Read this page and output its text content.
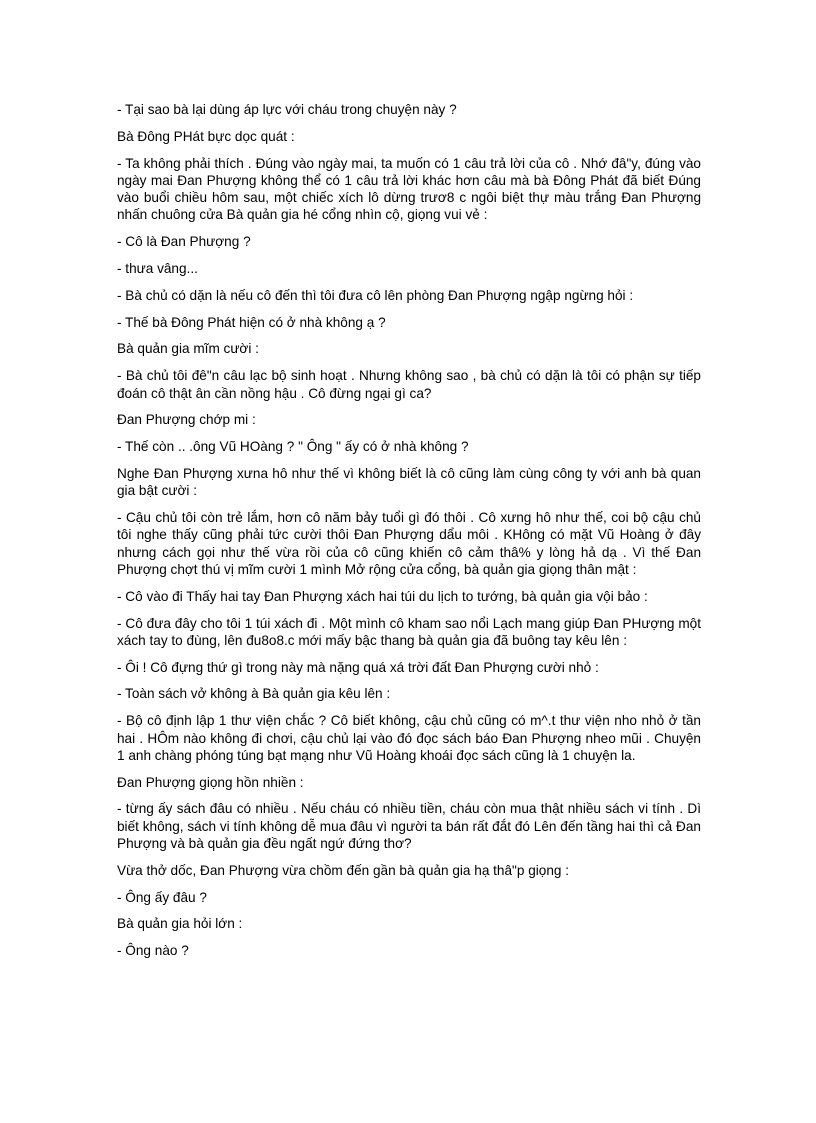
- Tại sao bà lại dùng áp lực với cháu trong chuyện này ?

Bà Đông PHát bực dọc quát :

- Ta không phải thích . Đúng vào ngày mai, ta muốn có 1 câu trả lời của cô . Nhớ đâ"y, đúng vào ngày mai Đan Phượng không thể có 1 câu trả lời khác hơn câu mà bà Đông Phát đã biết Đúng vào buổi chiều hôm sau, một chiếc xích lô dừng trươ8 c ngôi biệt thự màu trắng Đan Phượng nhấn chuông cửa Bà quản gia hé cổng nhìn cộ, giọng vui vẻ :

- Cô là Đan Phượng ?

- thưa vâng...

- Bà chủ có dặn là nếu cô đến thì tôi đưa cô lên phòng Đan Phượng ngập ngừng hỏi :

- Thế bà Đông Phát hiện có ở nhà không ạ ?

Bà quản gia mĩm cười :

- Bà chủ tôi đê"n câu lạc bộ sinh hoạt . Nhưng không sao , bà chủ có dặn là tôi có phận sự tiếp đoán cô thật ân cần nồng hậu . Cô đừng ngại gì ca?

Đan Phượng chớp mi :

- Thế còn .. .ông Vũ HOàng ? " Ông " ấy có ở nhà không ?

Nghe Đan Phượng xưna hô như thế vì không biết là cô cũng làm cùng công ty với anh bà quan gia bật cười :

- Cậu chủ tôi còn trẻ lắm, hơn cô năm bảy tuổi gì đó thôi . Cô xưng hô như thế, coi bộ cậu chủ tôi nghe thấy cũng phải tức cười thôi Đan Phượng dẩu môi . KHông có mặt Vũ Hoàng ở đây nhưng cách gọi như thế vừa rồi của cô cũng khiến cô cảm thâ% y lòng hả dạ . Vì thế Đan Phượng chợt thú vị mĩm cười 1 mình Mở rộng cửa cổng, bà quản gia giọng thân mật :

- Cô vào đi Thấy hai tay Đan Phượng xách hai túi du lịch to tướng, bà quản gia vội bảo :

- Cô đưa đây cho tôi 1 túi xách đi . Một mình cô kham sao nổi Lạch mang giúp Đan PHượng một xách tay to đùng, lên đu8o8.c mới mấy bậc thang bà quản gia đã buông tay kêu lên :

- Ôi ! Cô đựng thứ gì trong này mà nặng quá xá trời đất Đan Phượng cười nhỏ :

- Toàn sách vở không à Bà quản gia kêu lên :

- Bộ cô định lập 1 thư viện chắc ? Cô biết không, cậu chủ cũng có m^.t thư viện nho nhỏ ở tần hai . HÔm nào không đi chơi, cậu chủ lại vào đó đọc sách báo Đan Phượng nheo mũi . Chuyện 1 anh chàng phóng túng bạt mạng như Vũ Hoàng khoái đọc sách cũng là 1 chuyện la.

Đan Phượng giọng hồn nhiền :

- từng ấy sách đâu có nhiều . Nếu cháu có nhiều tiền, cháu còn mua thật nhiều sách vi tính . Dì biết không, sách vi tính không dễ mua đâu vì người ta bán rất đắt đó Lên đến tầng hai thì cả Đan Phượng và bà quản gia đều ngất ngứ đứng thơ?

Vừa thở dốc, Đan Phượng vừa chồm đến gần bà quản gia hạ thâ"p giọng :

- Ông ấy đâu ?

Bà quản gia hỏi lớn :

- Ông nào ?
